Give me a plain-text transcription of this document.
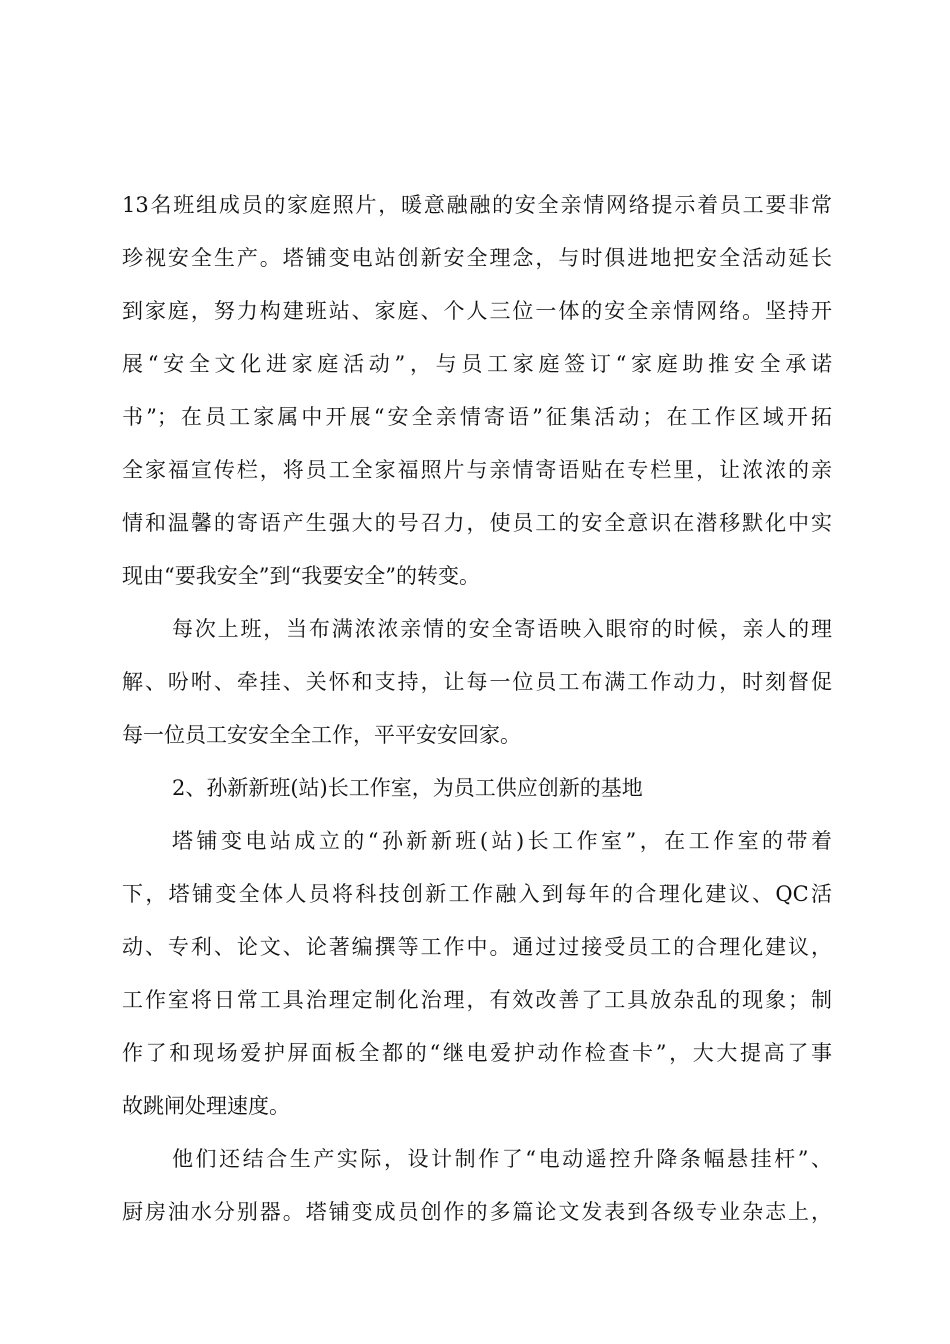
13名班组成员的家庭照片，暖意融融的安全亲情网络提示着员工要非常
珍视安全生产。塔铺变电站创新安全理念，与时俱进地把安全活动延长
到家庭，努力构建班站、家庭、个人三位一体的安全亲情网络。坚持开
展“安全文化进家庭活动”，与员工家庭签订“家庭助推安全承诺
书”；在员工家属中开展“安全亲情寄语”征集活动；在工作区域开拓
全家福宣传栏，将员工全家福照片与亲情寄语贴在专栏里，让浓浓的亲
情和温馨的寄语产生强大的号召力，使员工的安全意识在潜移默化中实
现由“要我安全”到“我要安全”的转变。
每次上班，当布满浓浓亲情的安全寄语映入眼帘的时候，亲人的理
解、吩咐、牵挂、关怀和支持，让每一位员工布满工作动力，时刻督促
每一位员工安安全全工作，平平安安回家。
2、孙新新班(站)长工作室，为员工供应创新的基地
塔铺变电站成立的“孙新新班(站)长工作室”，在工作室的带着
下，塔铺变全体人员将科技创新工作融入到每年的合理化建议、QC活
动、专利、论文、论著编撰等工作中。通过过接受员工的合理化建议，
工作室将日常工具治理定制化治理，有效改善了工具放杂乱的现象；制
作了和现场爱护屏面板全都的“继电爱护动作检查卡”，大大提高了事
故跳闸处理速度。
他们还结合生产实际，设计制作了“电动遥控升降条幅悬挂杆”、
厨房油水分别器。塔铺变成员创作的多篇论文发表到各级专业杂志上，
